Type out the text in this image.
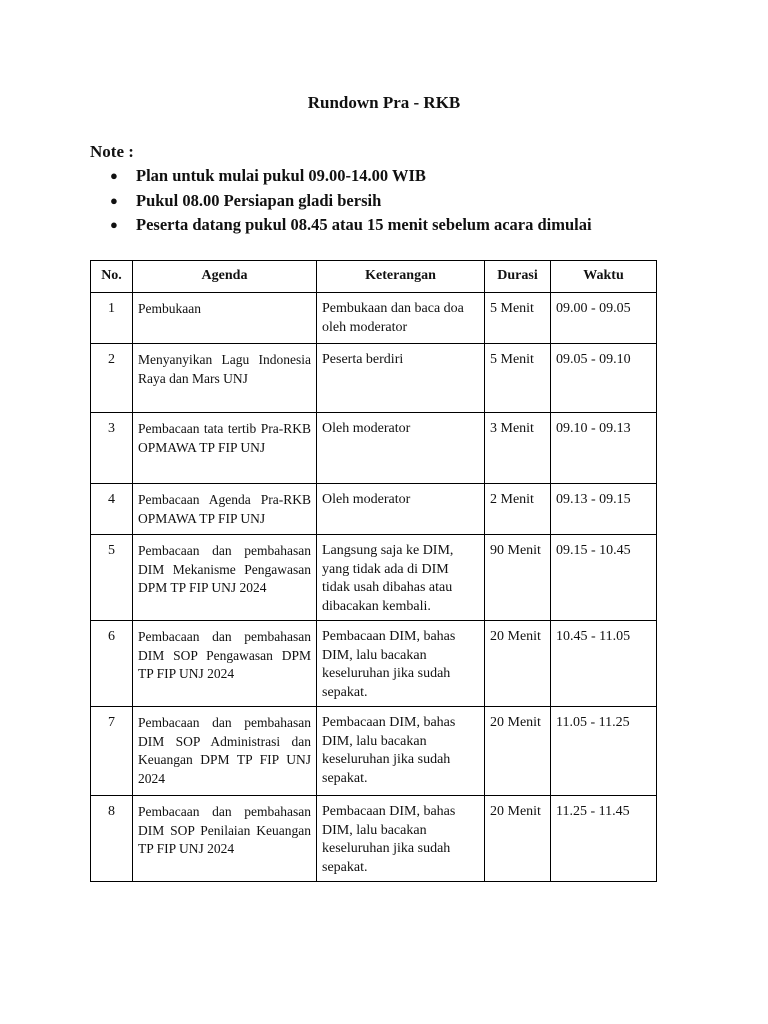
Rundown Pra - RKB
Note :
● Plan untuk mulai pukul 09.00-14.00 WIB
● Pukul 08.00 Persiapan gladi bersih
● Peserta datang pukul 08.45 atau 15 menit sebelum acara dimulai
No.	Agenda	Keterangan	Durasi	Waktu
1	Pembukaan	Pembukaan dan baca doa oleh moderator	5 Menit	09.00 - 09.05
2	Menyanyikan Lagu Indonesia Raya dan Mars UNJ	Peserta berdiri	5 Menit	09.05 - 09.10
3	Pembacaan tata tertib Pra-RKB OPMAWA TP FIP UNJ	Oleh moderator	3 Menit	09.10 - 09.13
4	Pembacaan Agenda Pra-RKB OPMAWA TP FIP UNJ	Oleh moderator	2 Menit	09.13 - 09.15
5	Pembacaan dan pembahasan DIM Mekanisme Pengawasan DPM TP FIP UNJ 2024	Langsung saja ke DIM, yang tidak ada di DIM tidak usah dibahas atau dibacakan kembali.	90 Menit	09.15 - 10.45
6	Pembacaan dan pembahasan DIM SOP Pengawasan DPM TP FIP UNJ 2024	Pembacaan DIM, bahas DIM, lalu bacakan keseluruhan jika sudah sepakat.	20 Menit	10.45 - 11.05
7	Pembacaan dan pembahasan DIM SOP Administrasi dan Keuangan DPM TP FIP UNJ 2024	Pembacaan DIM, bahas DIM, lalu bacakan keseluruhan jika sudah sepakat.	20 Menit	11.05 - 11.25
8	Pembacaan dan pembahasan DIM SOP Penilaian Keuangan TP FIP UNJ 2024	Pembacaan DIM, bahas DIM, lalu bacakan keseluruhan jika sudah sepakat.	20 Menit	11.25 - 11.45
